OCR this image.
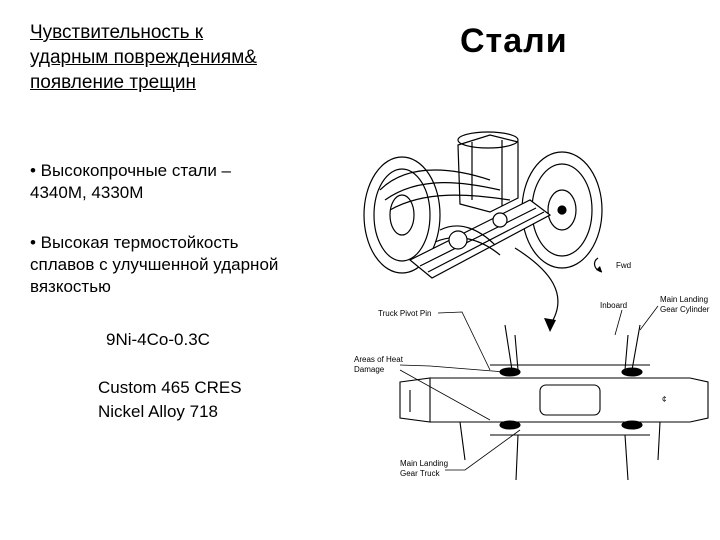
Чувствительность к
ударным повреждениям&
появление трещин
Стали
• Высокопрочные стали –
4340M, 4330M
• Высокая термостойкость
сплавов с улучшенной ударной
вязкостью
9Ni-4Co-0.3C
Custom 465 CRES
Nickel Alloy 718
Fwd
Truck Pivot Pin
Inboard
Main Landing
Gear Cylinder
Areas of Heat
Damage
¢
Main Landing
Gear Truck
